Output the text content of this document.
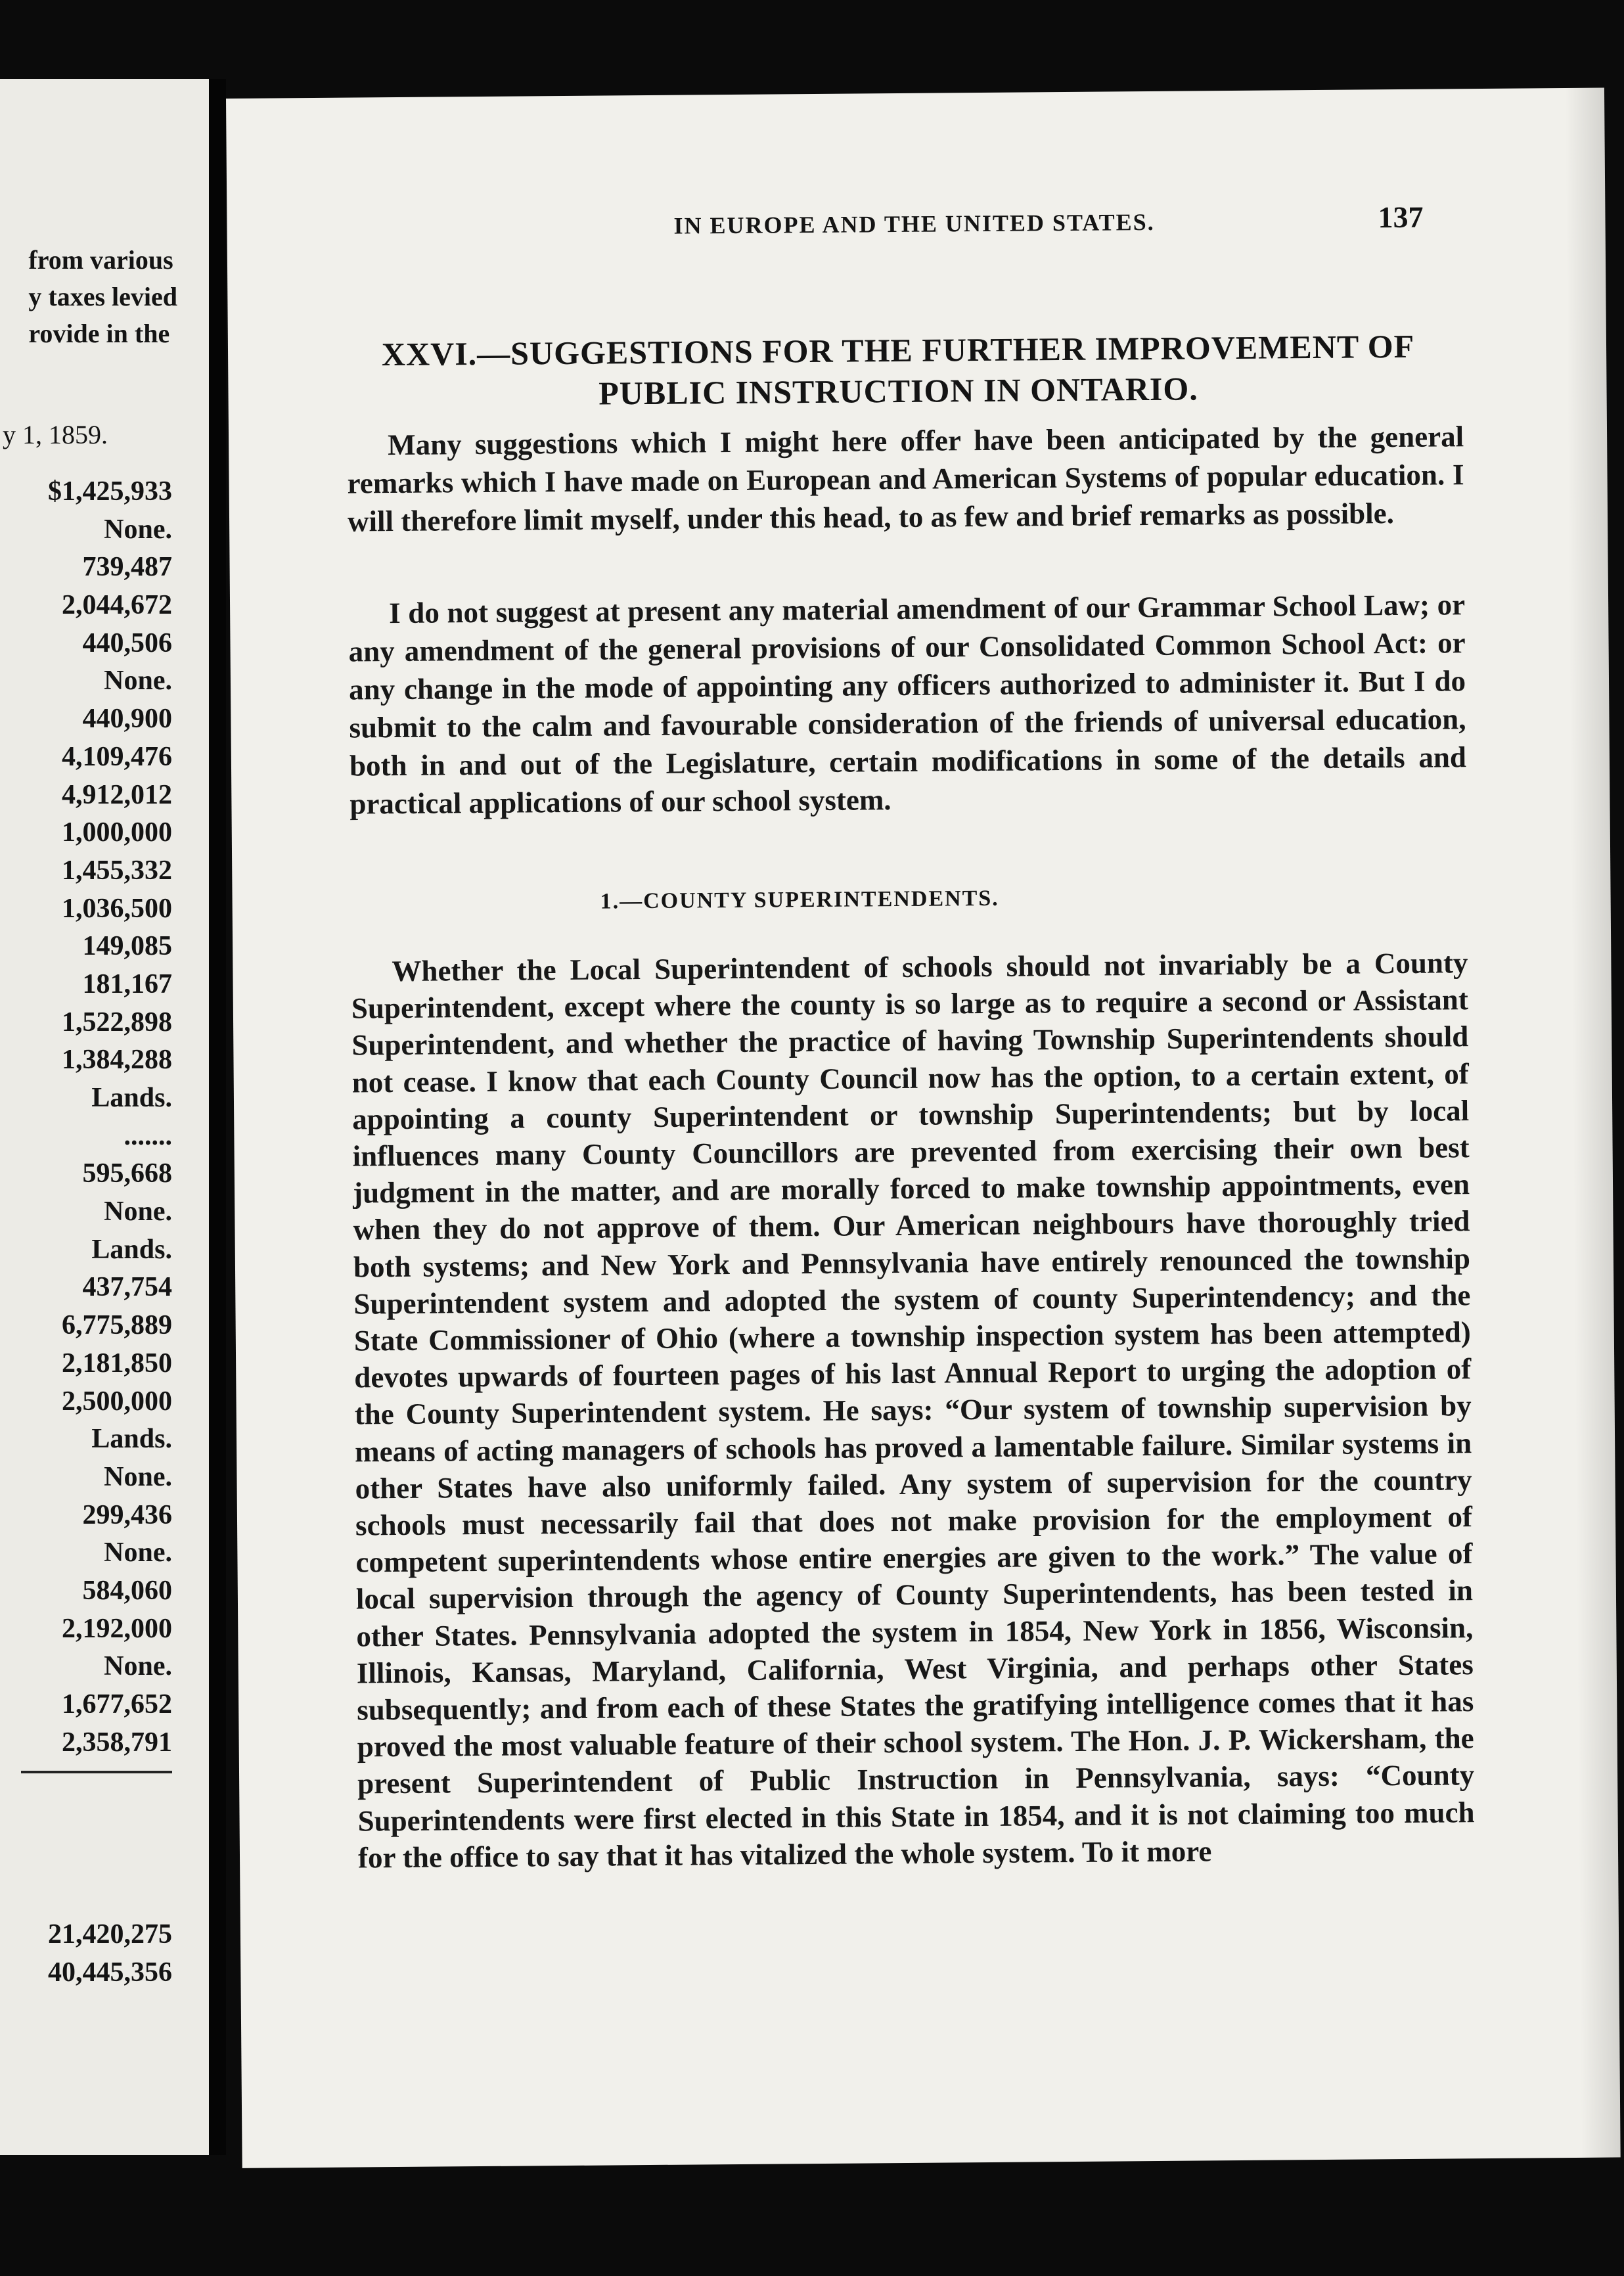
from various
y taxes levied
rovide in the
y 1, 1859.
$1,425,933
None.
739,487
2,044,672
440,506
None.
440,900
4,109,476
4,912,012
1,000,000
1,455,332
1,036,500
149,085
181,167
1,522,898
1,384,288
Lands.
.......
595,668
None.
Lands.
437,754
6,775,889
2,181,850
2,500,000
Lands.
None.
299,436
None.
584,060
2,192,000
None.
1,677,652
2,358,791
21,420,275
40,445,356
IN EUROPE AND THE UNITED STATES.	137
XXVI.—SUGGESTIONS FOR THE FURTHER IMPROVEMENT OF PUBLIC INSTRUCTION IN ONTARIO.

Many suggestions which I might here offer have been anticipated by the general remarks which I have made on European and American Systems of popular education. I will therefore limit myself, under this head, to as few and brief remarks as possible.

I do not suggest at present any material amendment of our Grammar School Law; or any amendment of the general provisions of our Consolidated Common School Act: or any change in the mode of appointing any officers authorized to administer it. But I do submit to the calm and favourable consideration of the friends of universal education, both in and out of the Legislature, certain modifications in some of the details and practical applications of our school system.

1.—COUNTY SUPERINTENDENTS.

Whether the Local Superintendent of schools should not invariably be a County Superintendent, except where the county is so large as to require a second or Assistant Superintendent, and whether the practice of having Township Superintendents should not cease. I know that each County Council now has the option, to a certain extent, of appointing a county Superintendent or township Superintendents; but by local influences many County Councillors are prevented from exercising their own best judgment in the matter, and are morally forced to make township appointments, even when they do not approve of them. Our American neighbours have thoroughly tried both systems; and New York and Pennsylvania have entirely renounced the township Superintendent system and adopted the system of county Superintendency; and the State Commissioner of Ohio (where a township inspection system has been attempted) devotes upwards of fourteen pages of his last Annual Report to urging the adoption of the County Superintendent system. He says: “Our system of township supervision by means of acting managers of schools has proved a lamentable failure. Similar systems in other States have also uniformly failed. Any system of supervision for the country schools must necessarily fail that does not make provision for the employment of competent superintendents whose entire energies are given to the work.” The value of local supervision through the agency of County Superintendents, has been tested in other States. Pennsylvania adopted the system in 1854, New York in 1856, Wisconsin, Illinois, Kansas, Maryland, California, West Virginia, and perhaps other States subsequently; and from each of these States the gratifying intelligence comes that it has proved the most valuable feature of their school system. The Hon. J. P. Wickersham, the present Superintendent of Public Instruction in Pennsylvania, says: “County Superintendents were first elected in this State in 1854, and it is not claiming too much for the office to say that it has vitalized the whole system. To it more
